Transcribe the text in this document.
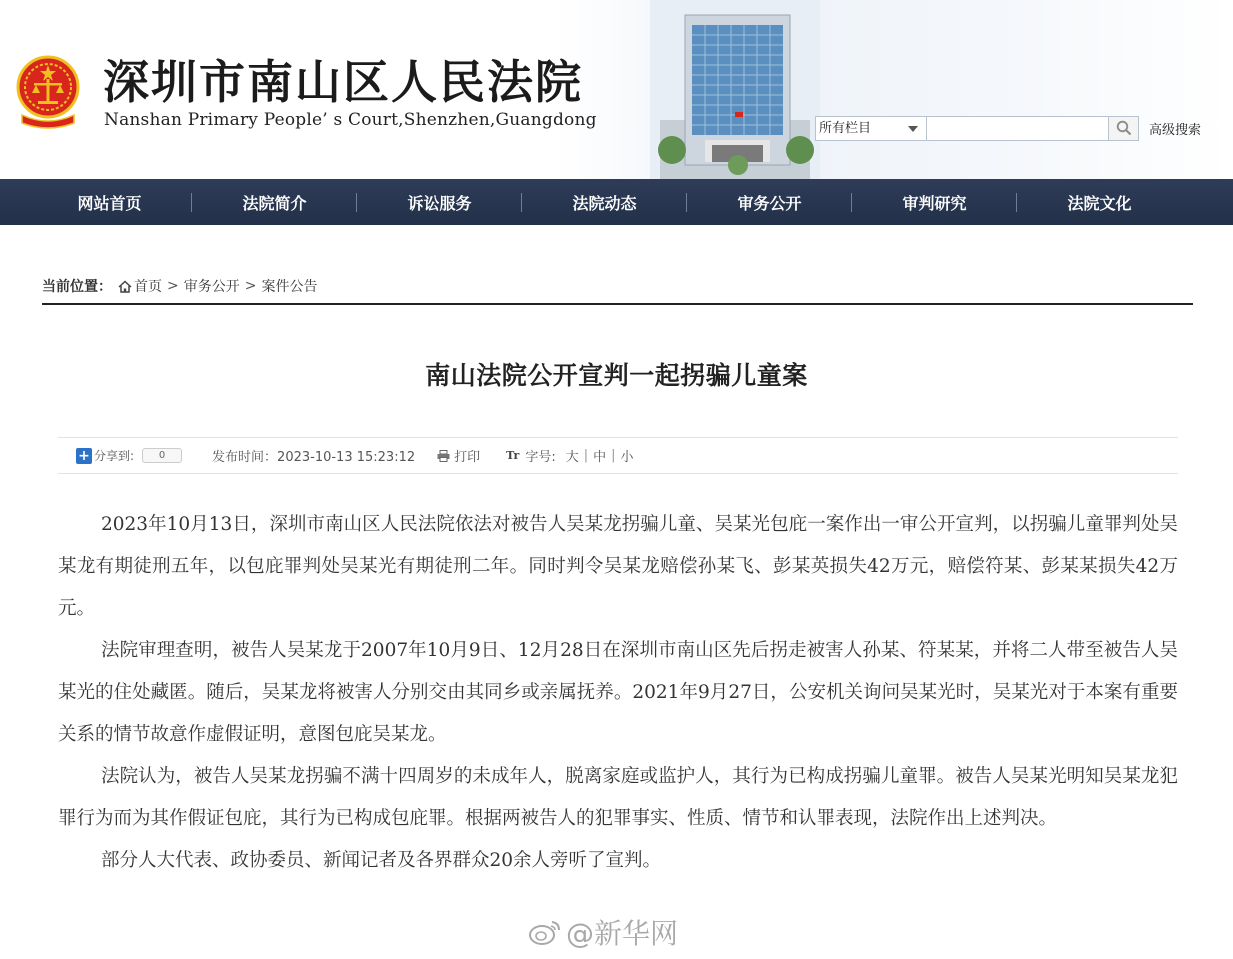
深圳市南山区人民法院
Nanshan Primary People’ s Court,Shenzhen,Guangdong	所有栏目	高级搜索
网站首页	法院简介	诉讼服务	法院动态	审务公开	审判研究	法院文化
当前位置： 首页 > 审务公开 > 案件公告
南山法院公开宣判一起拐骗儿童案
+ 分享到:	0	发布时间：2023-10-13 15:23:12	打印 Tr 字号: 大 | 中 | 小

2023年10月13日，深圳市南山区人民法院依法对被告人吴某龙拐骗儿童、吴某光包庇一案作出一审公开宣判，以拐骗儿童罪判处吴某龙有期徒刑五年，以包庇罪判处吴某光有期徒刑二年。同时判令吴某龙赔偿孙某飞、彭某英损失42万元，赔偿符某、彭某某损失42万元。

法院审理查明，被告人吴某龙于2007年10月9日、12月28日在深圳市南山区先后拐走被害人孙某、符某某，并将二人带至被告人吴某光的住处藏匿。随后，吴某龙将被害人分别交由其同乡或亲属抚养。2021年9月27日，公安机关询问吴某光时，吴某光对于本案有重要关系的情节故意作虚假证明，意图包庇吴某龙。

法院认为，被告人吴某龙拐骗不满十四周岁的未成年人，脱离家庭或监护人，其行为已构成拐骗儿童罪。被告人吴某光明知吴某龙犯罪行为而为其作假证包庇，其行为已构成包庇罪。根据两被告人的犯罪事实、性质、情节和认罪表现，法院作出上述判决。

部分人大代表、政协委员、新闻记者及各界群众20余人旁听了宣判。

@新华网
